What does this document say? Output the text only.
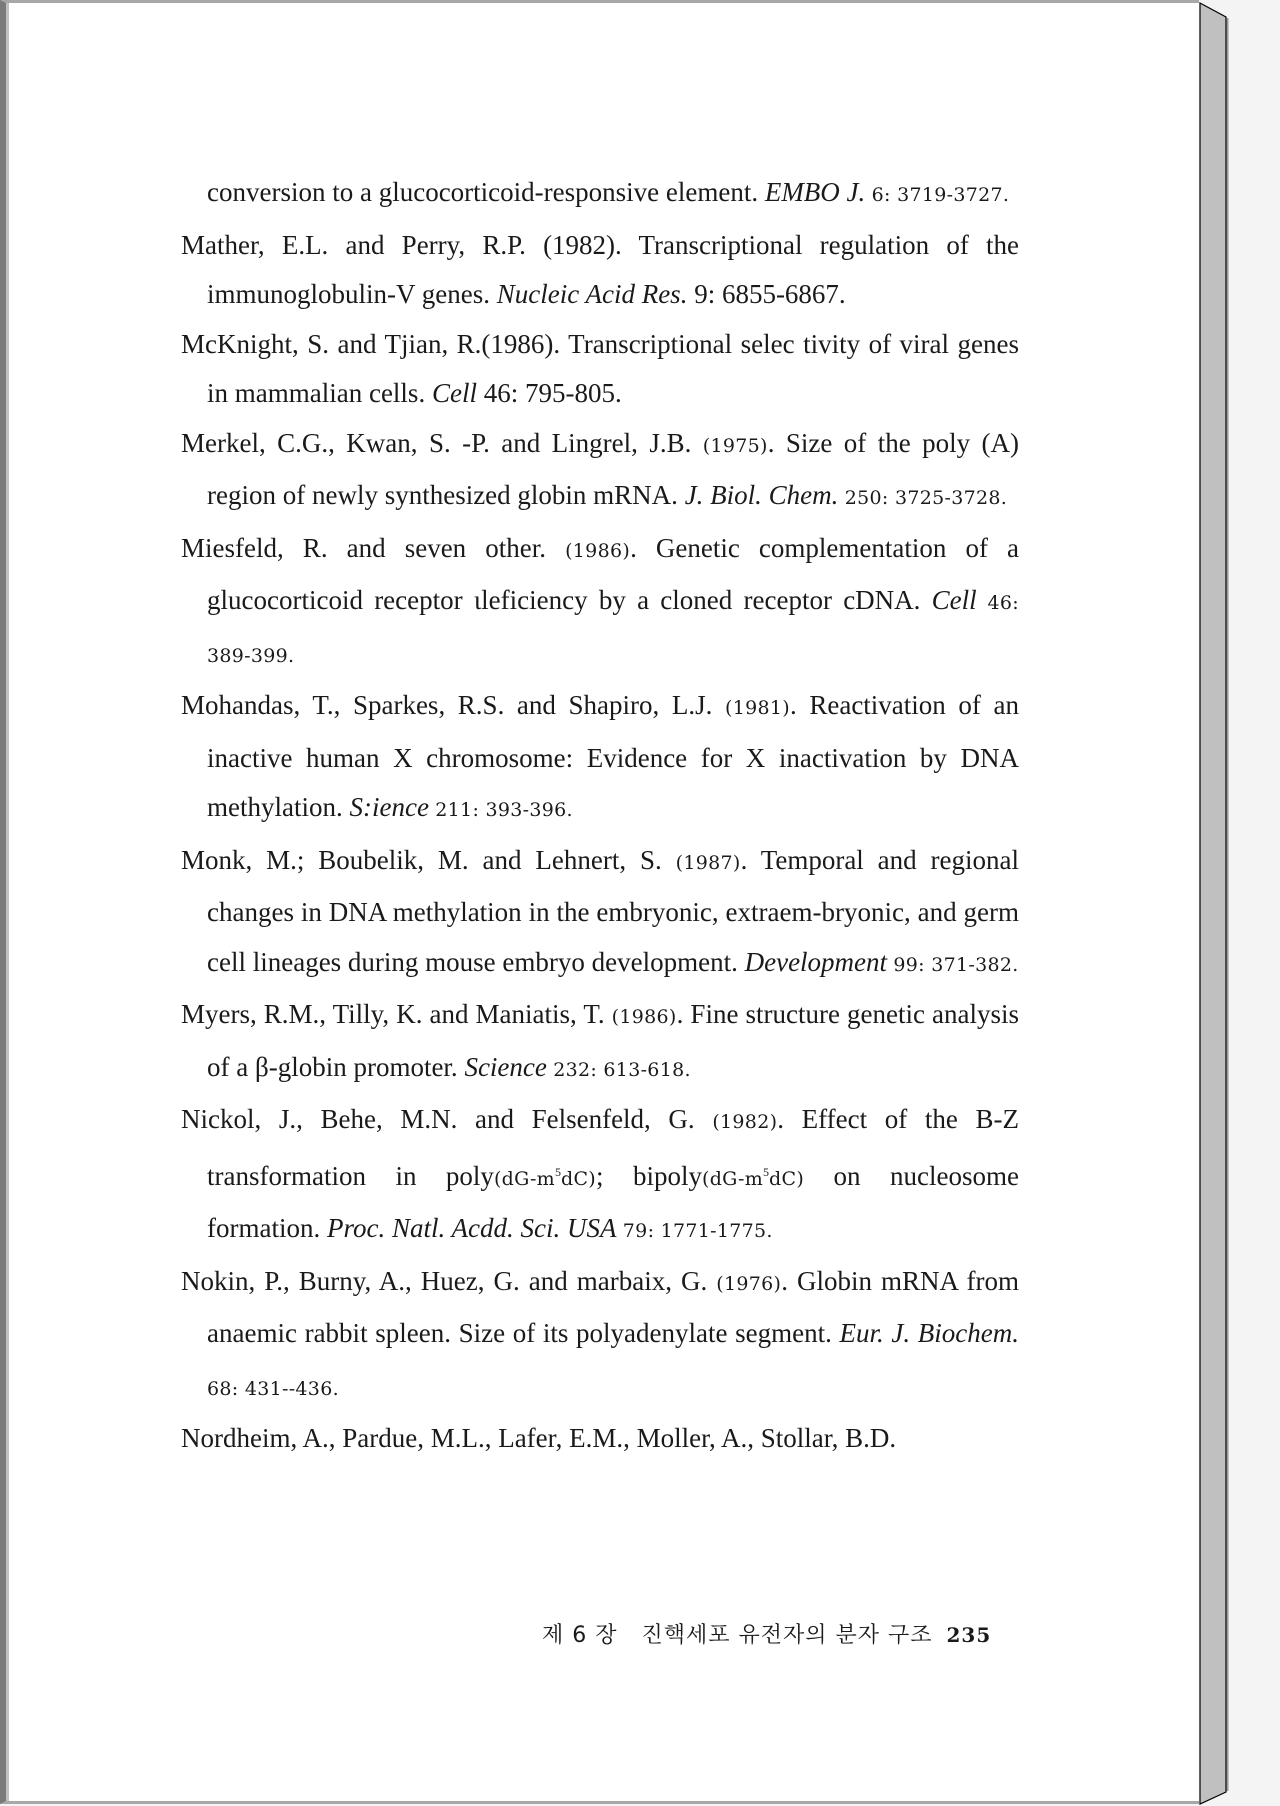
conversion to a glucocorticoid-responsive element. EMBO J. 6: 3719-3727.

Mather, E.L. and Perry, R.P. (1982). Transcriptional regulation of the immunoglobulin-V genes. Nucleic Acid Res. 9: 6855-6867.

McKnight, S. and Tjian, R.(1986). Transcriptional selec tivity of viral genes in mammalian cells. Cell 46: 795-805.

Merkel, C.G., Kwan, S. -P. and Lingrel, J.B. (1975). Size of the poly (A) region of newly synthesized globin mRNA. J. Biol. Chem. 250: 3725-3728.

Miesfeld, R. and seven other. (1986). Genetic complementation of a glucocorticoid receptor ɩleficiency by a cloned receptor cDNA. Cell 46: 389-399.

Mohandas, T., Sparkes, R.S. and Shapiro, L.J. (1981). Reactivation of an inactive human X chromosome: Evidence for X inactivation by DNA methylation. S:ience 211: 393-396.

Monk, M.; Boubelik, M. and Lehnert, S. (1987). Temporal and regional changes in DNA methylation in the embryonic, extraem-bryonic, and germ cell lineages during mouse embryo development. Development 99: 371-382.

Myers, R.M., Tilly, K. and Maniatis, T. (1986). Fine structure genetic analysis of a β-globin promoter. Science 232: 613-618.

Nickol, J., Behe, M.N. and Felsenfeld, G. (1982). Effect of the B-Z transformation in $poly(dG-m^5dC)$; $bipoly(dG-m^5dC)$ on nucleosome formation. Proc. Natl. Acdd. Sci. USA 79: 1771-1775.

Nokin, P., Burny, A., Huez, G. and marbaix, G. (1976). Globin mRNA from anaemic rabbit spleen. Size of its polyadenylate segment. Eur. J. Biochem. 68: 431--436.

Nordheim, A., Pardue, M.L., Lafer, E.M., Moller, A., Stollar, B.D.

제 6 장   진핵세포 유전자의 분자 구조 235
